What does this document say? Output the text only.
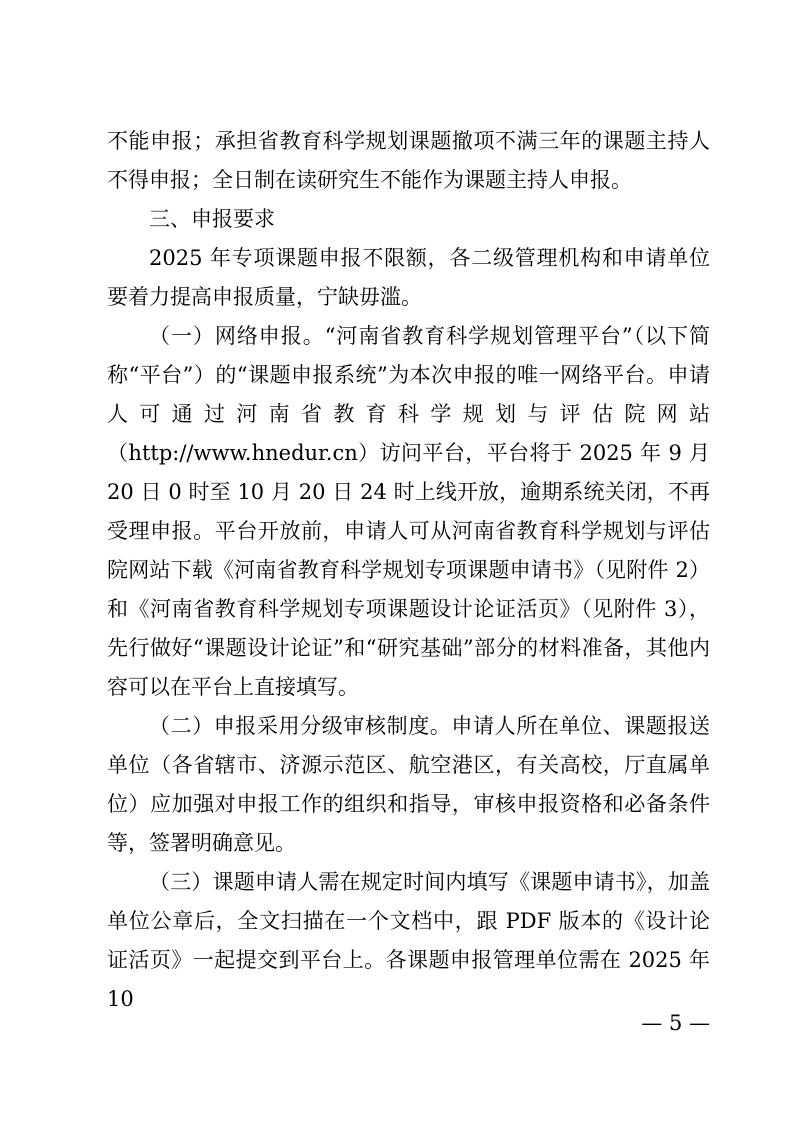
不能申报；承担省教育科学规划课题撤项不满三年的课题主持人不得申报；全日制在读研究生不能作为课题主持人申报。

三、申报要求

2025 年专项课题申报不限额，各二级管理机构和申请单位要着力提高申报质量，宁缺毋滥。

（一）网络申报。“河南省教育科学规划管理平台”（以下简称“平台”）的“课题申报系统”为本次申报的唯一网络平台。申请人可通过河南省教育科学规划与评估院网站（http://www.hnedur.cn）访问平台，平台将于 2025 年 9 月 20 日 0 时至 10 月 20 日 24 时上线开放，逾期系统关闭，不再受理申报。平台开放前，申请人可从河南省教育科学规划与评估院网站下载《河南省教育科学规划专项课题申请书》（见附件 2）和《河南省教育科学规划专项课题设计论证活页》（见附件 3），先行做好“课题设计论证”和“研究基础”部分的材料准备，其他内容可以在平台上直接填写。

（二）申报采用分级审核制度。申请人所在单位、课题报送单位（各省辖市、济源示范区、航空港区，有关高校，厅直属单位）应加强对申报工作的组织和指导，审核申报资格和必备条件等，签署明确意见。

（三）课题申请人需在规定时间内填写《课题申请书》，加盖单位公章后，全文扫描在一个文档中，跟 PDF 版本的《设计论证活页》一起提交到平台上。各课题申报管理单位需在 2025 年 10

— 5 —
